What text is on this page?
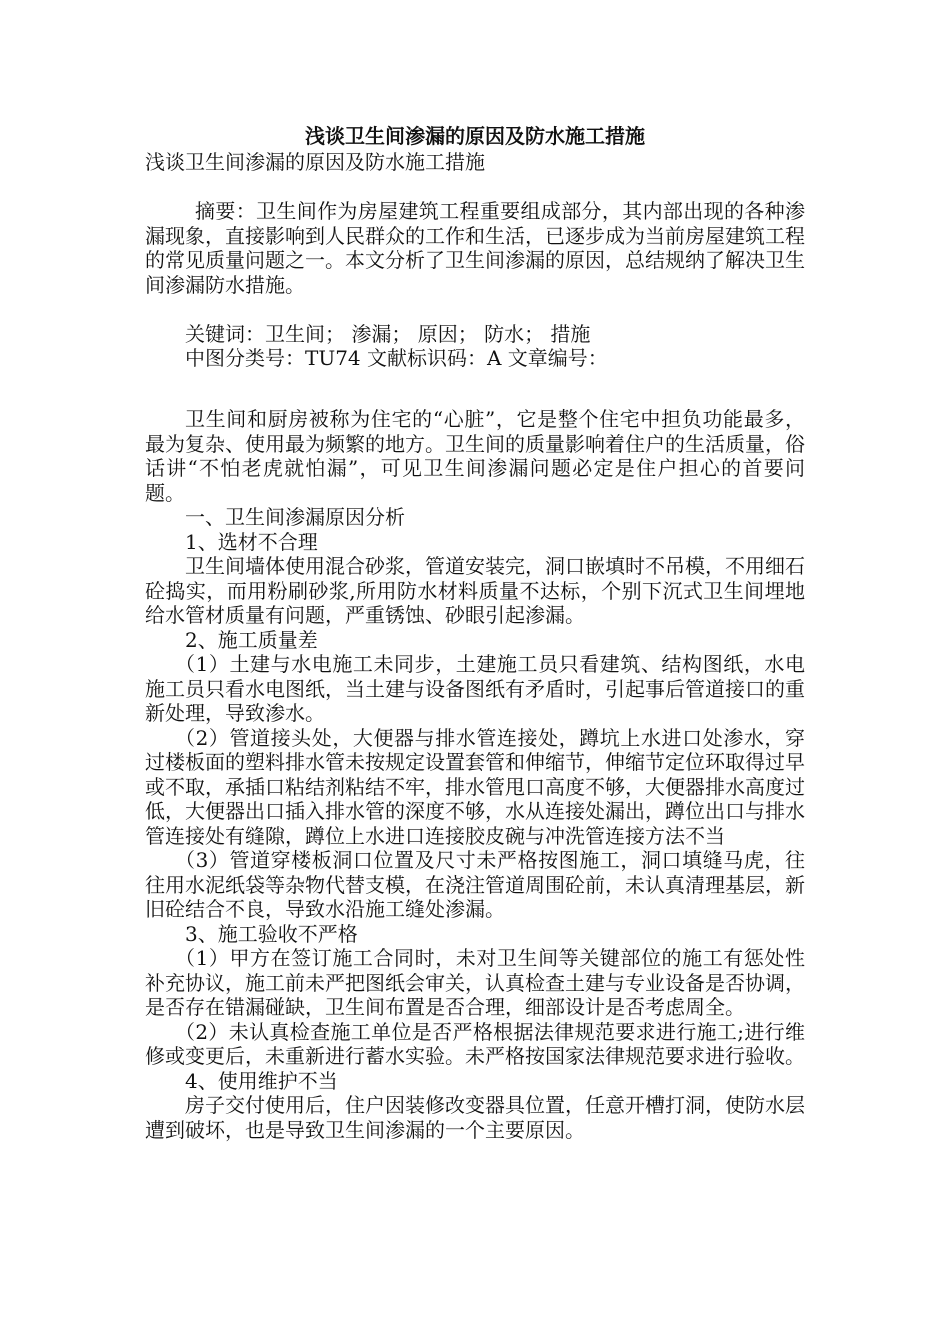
浅谈卫生间渗漏的原因及防水施工措施

浅谈卫生间渗漏的原因及防水施工措施

摘要：卫生间作为房屋建筑工程重要组成部分，其内部出现的各种渗漏现象，直接影响到人民群众的工作和生活，已逐步成为当前房屋建筑工程的常见质量问题之一。本文分析了卫生间渗漏的原因，总结规纳了解决卫生间渗漏防水措施。

关键词：卫生间； 渗漏； 原因； 防水； 措施

中图分类号：TU74 文献标识码：A 文章编号：

卫生间和厨房被称为住宅的“心脏”，它是整个住宅中担负功能最多，最为复杂、使用最为频繁的地方。卫生间的质量影响着住户的生活质量，俗话讲“不怕老虎就怕漏”，可见卫生间渗漏问题必定是住户担心的首要问题。

一、卫生间渗漏原因分析

1、选材不合理

卫生间墙体使用混合砂浆，管道安装完，洞口嵌填时不吊模，不用细石砼捣实，而用粉刷砂浆,所用防水材料质量不达标，个别下沉式卫生间埋地给水管材质量有问题，严重锈蚀、砂眼引起渗漏。

2、施工质量差

（1）土建与水电施工未同步，土建施工员只看建筑、结构图纸，水电施工员只看水电图纸，当土建与设备图纸有矛盾时，引起事后管道接口的重新处理，导致渗水。

（2）管道接头处，大便器与排水管连接处，蹲坑上水进口处渗水，穿过楼板面的塑料排水管未按规定设置套管和伸缩节，伸缩节定位环取得过早或不取，承插口粘结剂粘结不牢，排水管甩口高度不够，大便器排水高度过低，大便器出口插入排水管的深度不够，水从连接处漏出，蹲位出口与排水管连接处有缝隙，蹲位上水进口连接胶皮碗与冲洗管连接方法不当

（3）管道穿楼板洞口位置及尺寸未严格按图施工，洞口填缝马虎，往往用水泥纸袋等杂物代替支模，在浇注管道周围砼前，未认真清理基层，新旧砼结合不良，导致水沿施工缝处渗漏。

3、施工验收不严格

（1）甲方在签订施工合同时，未对卫生间等关键部位的施工有惩处性补充协议，施工前未严把图纸会审关，认真检查土建与专业设备是否协调，是否存在错漏碰缺，卫生间布置是否合理，细部设计是否考虑周全。

（2）未认真检查施工单位是否严格根据法律规范要求进行施工;进行维修或变更后，未重新进行蓄水实验。未严格按国家法律规范要求进行验收。

4、使用维护不当

房子交付使用后，住户因装修改变器具位置，任意开槽打洞，使防水层遭到破坏，也是导致卫生间渗漏的一个主要原因。
